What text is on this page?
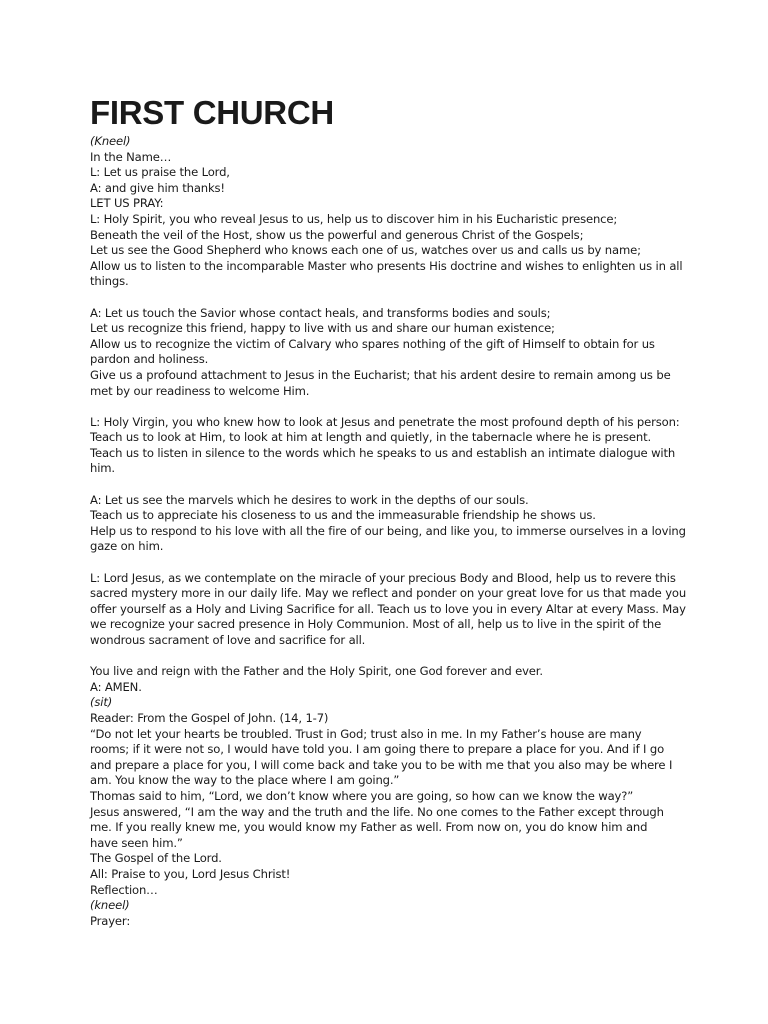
FIRST CHURCH
(Kneel)
In the Name…
L: Let us praise the Lord,
A: and give him thanks!
LET US PRAY:
L: Holy Spirit, you who reveal Jesus to us, help us to discover him in his Eucharistic presence;
Beneath the veil of the Host, show us the powerful and generous Christ of the Gospels;
Let us see the Good Shepherd who knows each one of us, watches over us and calls us by name;
Allow us to listen to the incomparable Master who presents His doctrine and wishes to enlighten us in all
things.
A: Let us touch the Savior whose contact heals, and transforms bodies and souls;
Let us recognize this friend, happy to live with us and share our human existence;
Allow us to recognize the victim of Calvary who spares nothing of the gift of Himself to obtain for us
pardon and holiness.
Give us a profound attachment to Jesus in the Eucharist; that his ardent desire to remain among us be
met by our readiness to welcome Him.
L: Holy Virgin, you who knew how to look at Jesus and penetrate the most profound depth of his person:
Teach us to look at Him, to look at him at length and quietly, in the tabernacle where he is present.
Teach us to listen in silence to the words which he speaks to us and establish an intimate dialogue with
him.
A: Let us see the marvels which he desires to work in the depths of our souls.
Teach us to appreciate his closeness to us and the immeasurable friendship he shows us.
Help us to respond to his love with all the fire of our being, and like you, to immerse ourselves in a loving
gaze on him.
L: Lord Jesus, as we contemplate on the miracle of your precious Body and Blood, help us to revere this
sacred mystery more in our daily life. May we reflect and ponder on your great love for us that made you
offer yourself as a Holy and Living Sacrifice for all. Teach us to love you in every Altar at every Mass. May
we recognize your sacred presence in Holy Communion. Most of all, help us to live in the spirit of the
wondrous sacrament of love and sacrifice for all.
You live and reign with the Father and the Holy Spirit, one God forever and ever.
A: AMEN.
(sit)
Reader: From the Gospel of John. (14, 1-7)
“Do not let your hearts be troubled. Trust in God; trust also in me. In my Father’s house are many
rooms; if it were not so, I would have told you. I am going there to prepare a place for you. And if I go
and prepare a place for you, I will come back and take you to be with me that you also may be where I
am. You know the way to the place where I am going.”
Thomas said to him, “Lord, we don’t know where you are going, so how can we know the way?”
Jesus answered, “I am the way and the truth and the life. No one comes to the Father except through
me. If you really knew me, you would know my Father as well. From now on, you do know him and
have seen him.”
The Gospel of the Lord.
All: Praise to you, Lord Jesus Christ!
Reflection…
(kneel)
Prayer:
